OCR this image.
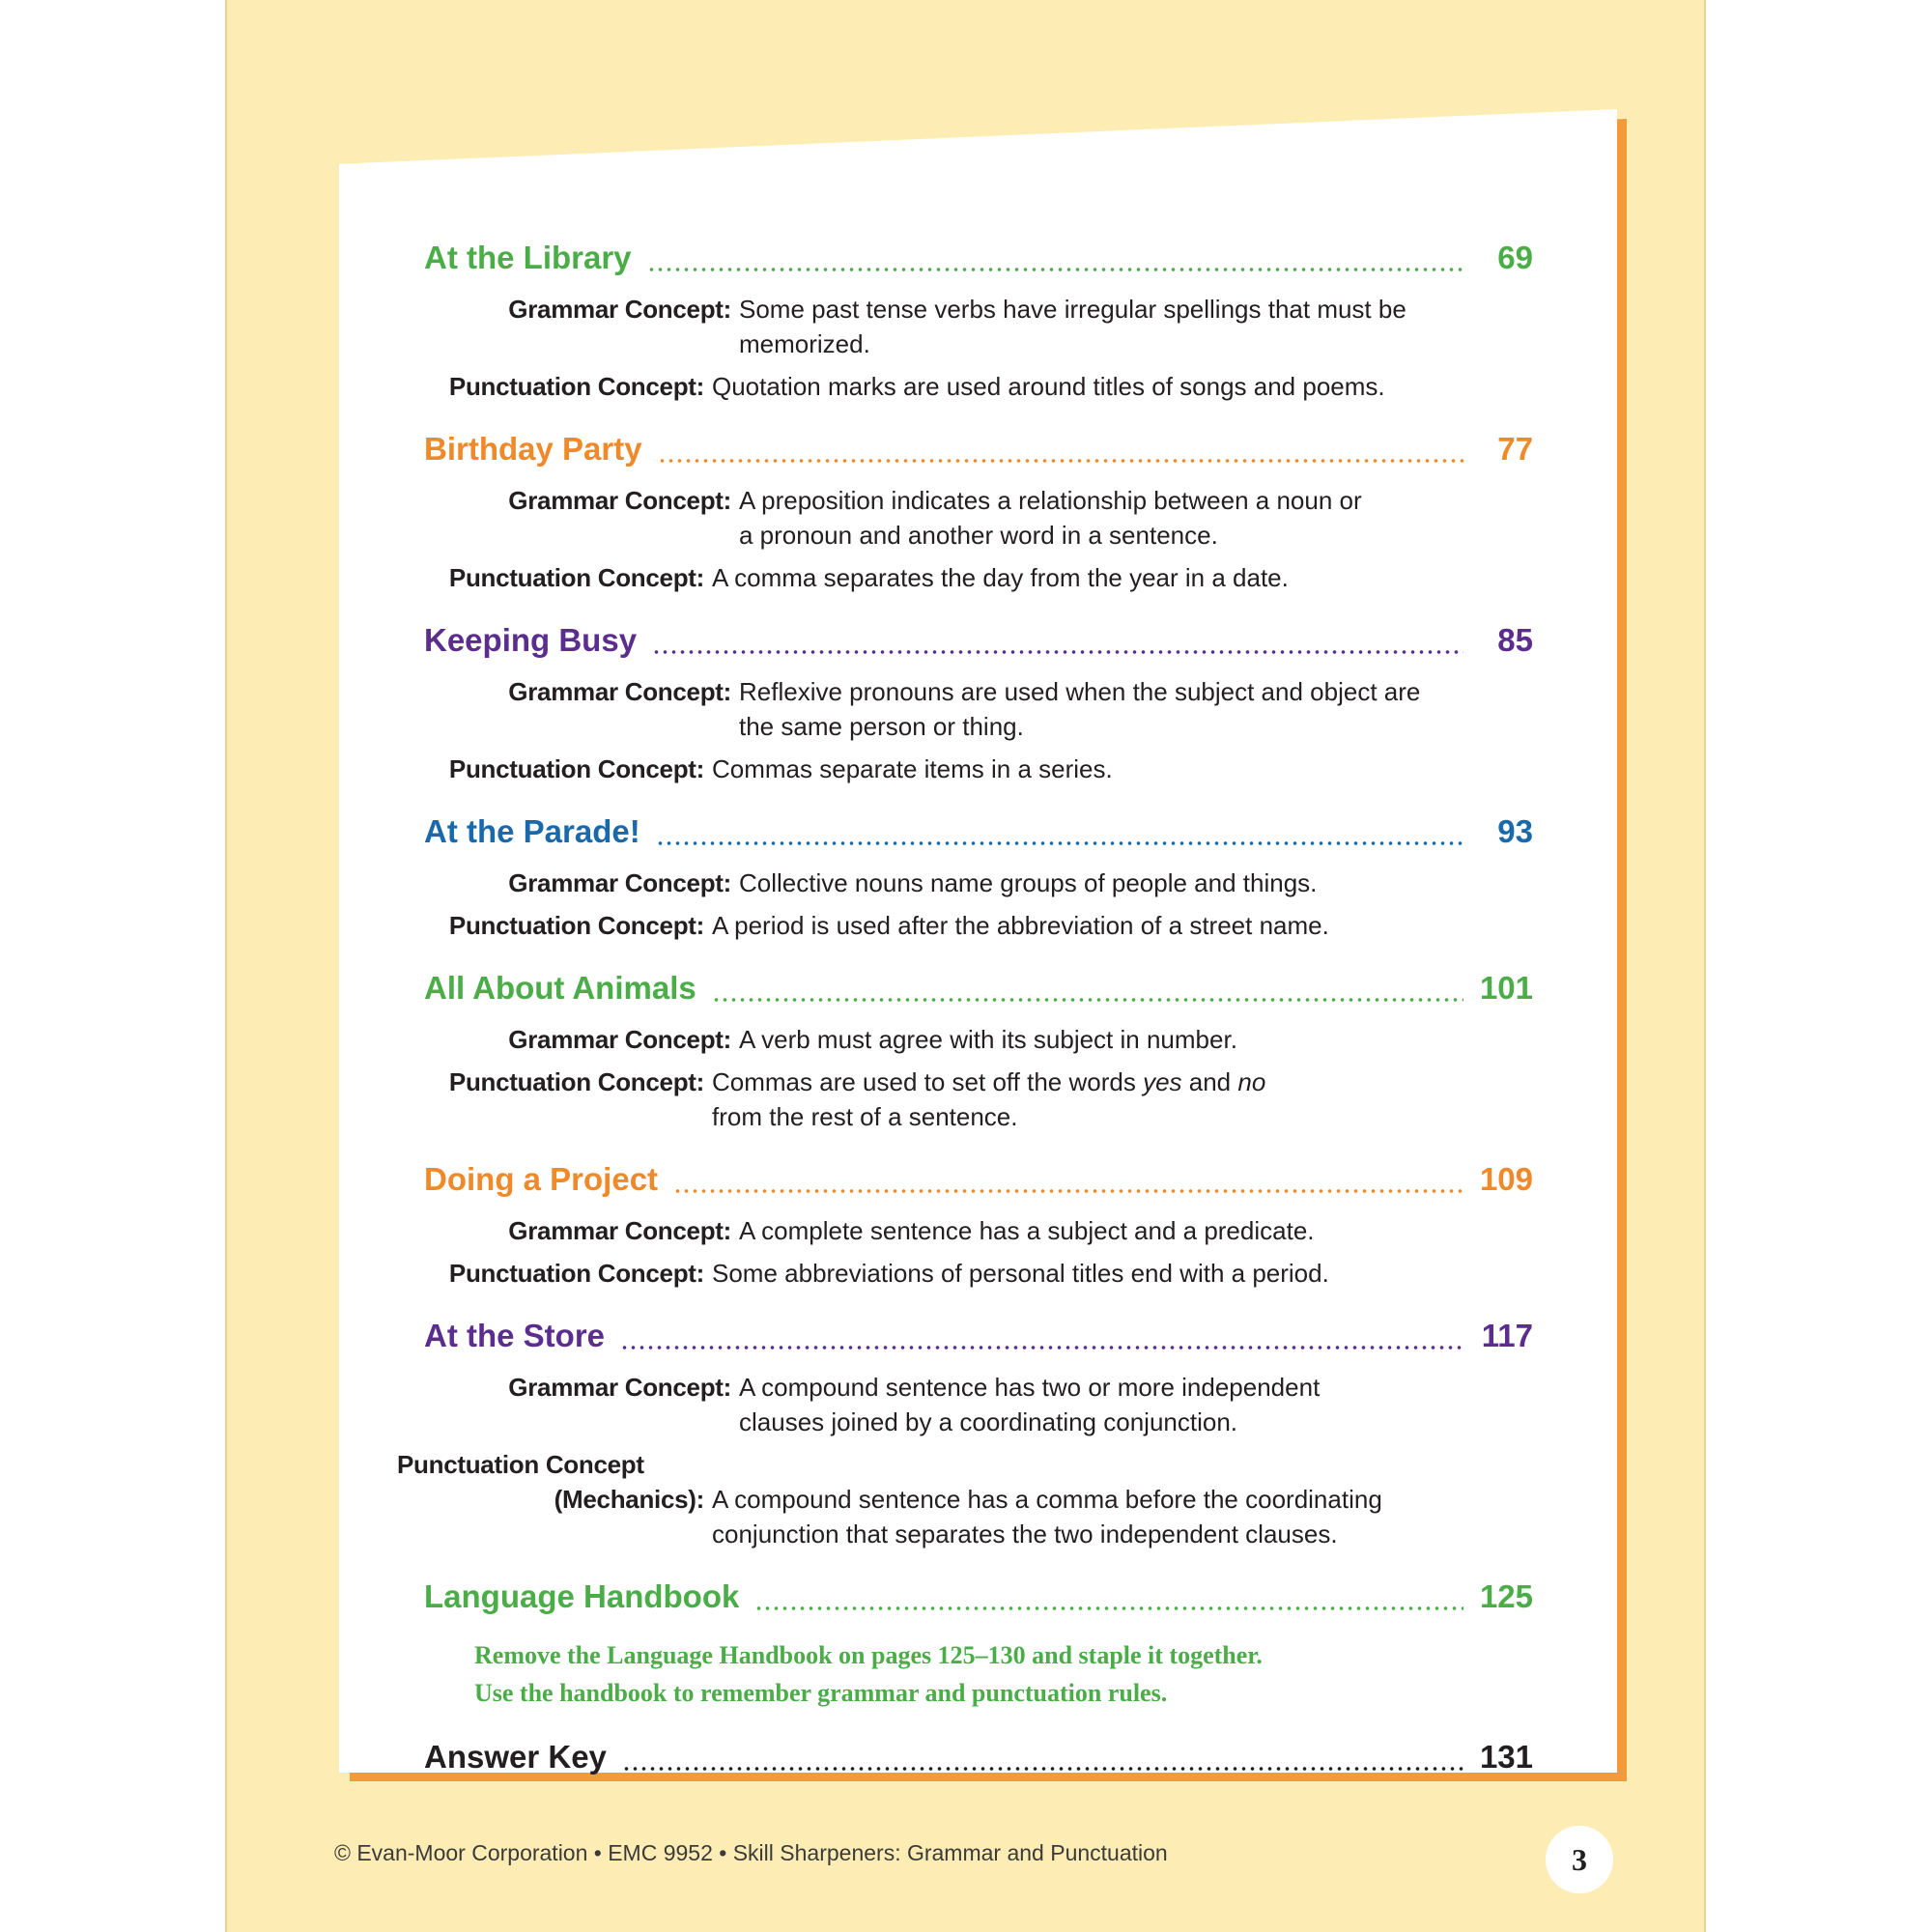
At the Library	69
Grammar Concept: Some past tense verbs have irregular spellings that must be memorized.
Punctuation Concept: Quotation marks are used around titles of songs and poems.
Birthday Party	77
Grammar Concept: A preposition indicates a relationship between a noun or a pronoun and another word in a sentence.
Punctuation Concept: A comma separates the day from the year in a date.
Keeping Busy	85
Grammar Concept: Reflexive pronouns are used when the subject and object are the same person or thing.
Punctuation Concept: Commas separate items in a series.
At the Parade!	93
Grammar Concept: Collective nouns name groups of people and things.
Punctuation Concept: A period is used after the abbreviation of a street name.
All About Animals	101
Grammar Concept: A verb must agree with its subject in number.
Punctuation Concept: Commas are used to set off the words yes and no from the rest of a sentence.
Doing a Project	109
Grammar Concept: A complete sentence has a subject and a predicate.
Punctuation Concept: Some abbreviations of personal titles end with a period.
At the Store	117
Grammar Concept: A compound sentence has two or more independent clauses joined by a coordinating conjunction.
Punctuation Concept
(Mechanics): A compound sentence has a comma before the coordinating conjunction that separates the two independent clauses.
Language Handbook	125
Remove the Language Handbook on pages 125–130 and staple it together.
Use the handbook to remember grammar and punctuation rules.
Answer Key	131
© Evan-Moor Corporation • EMC 9952 • Skill Sharpeners: Grammar and Punctuation	3
